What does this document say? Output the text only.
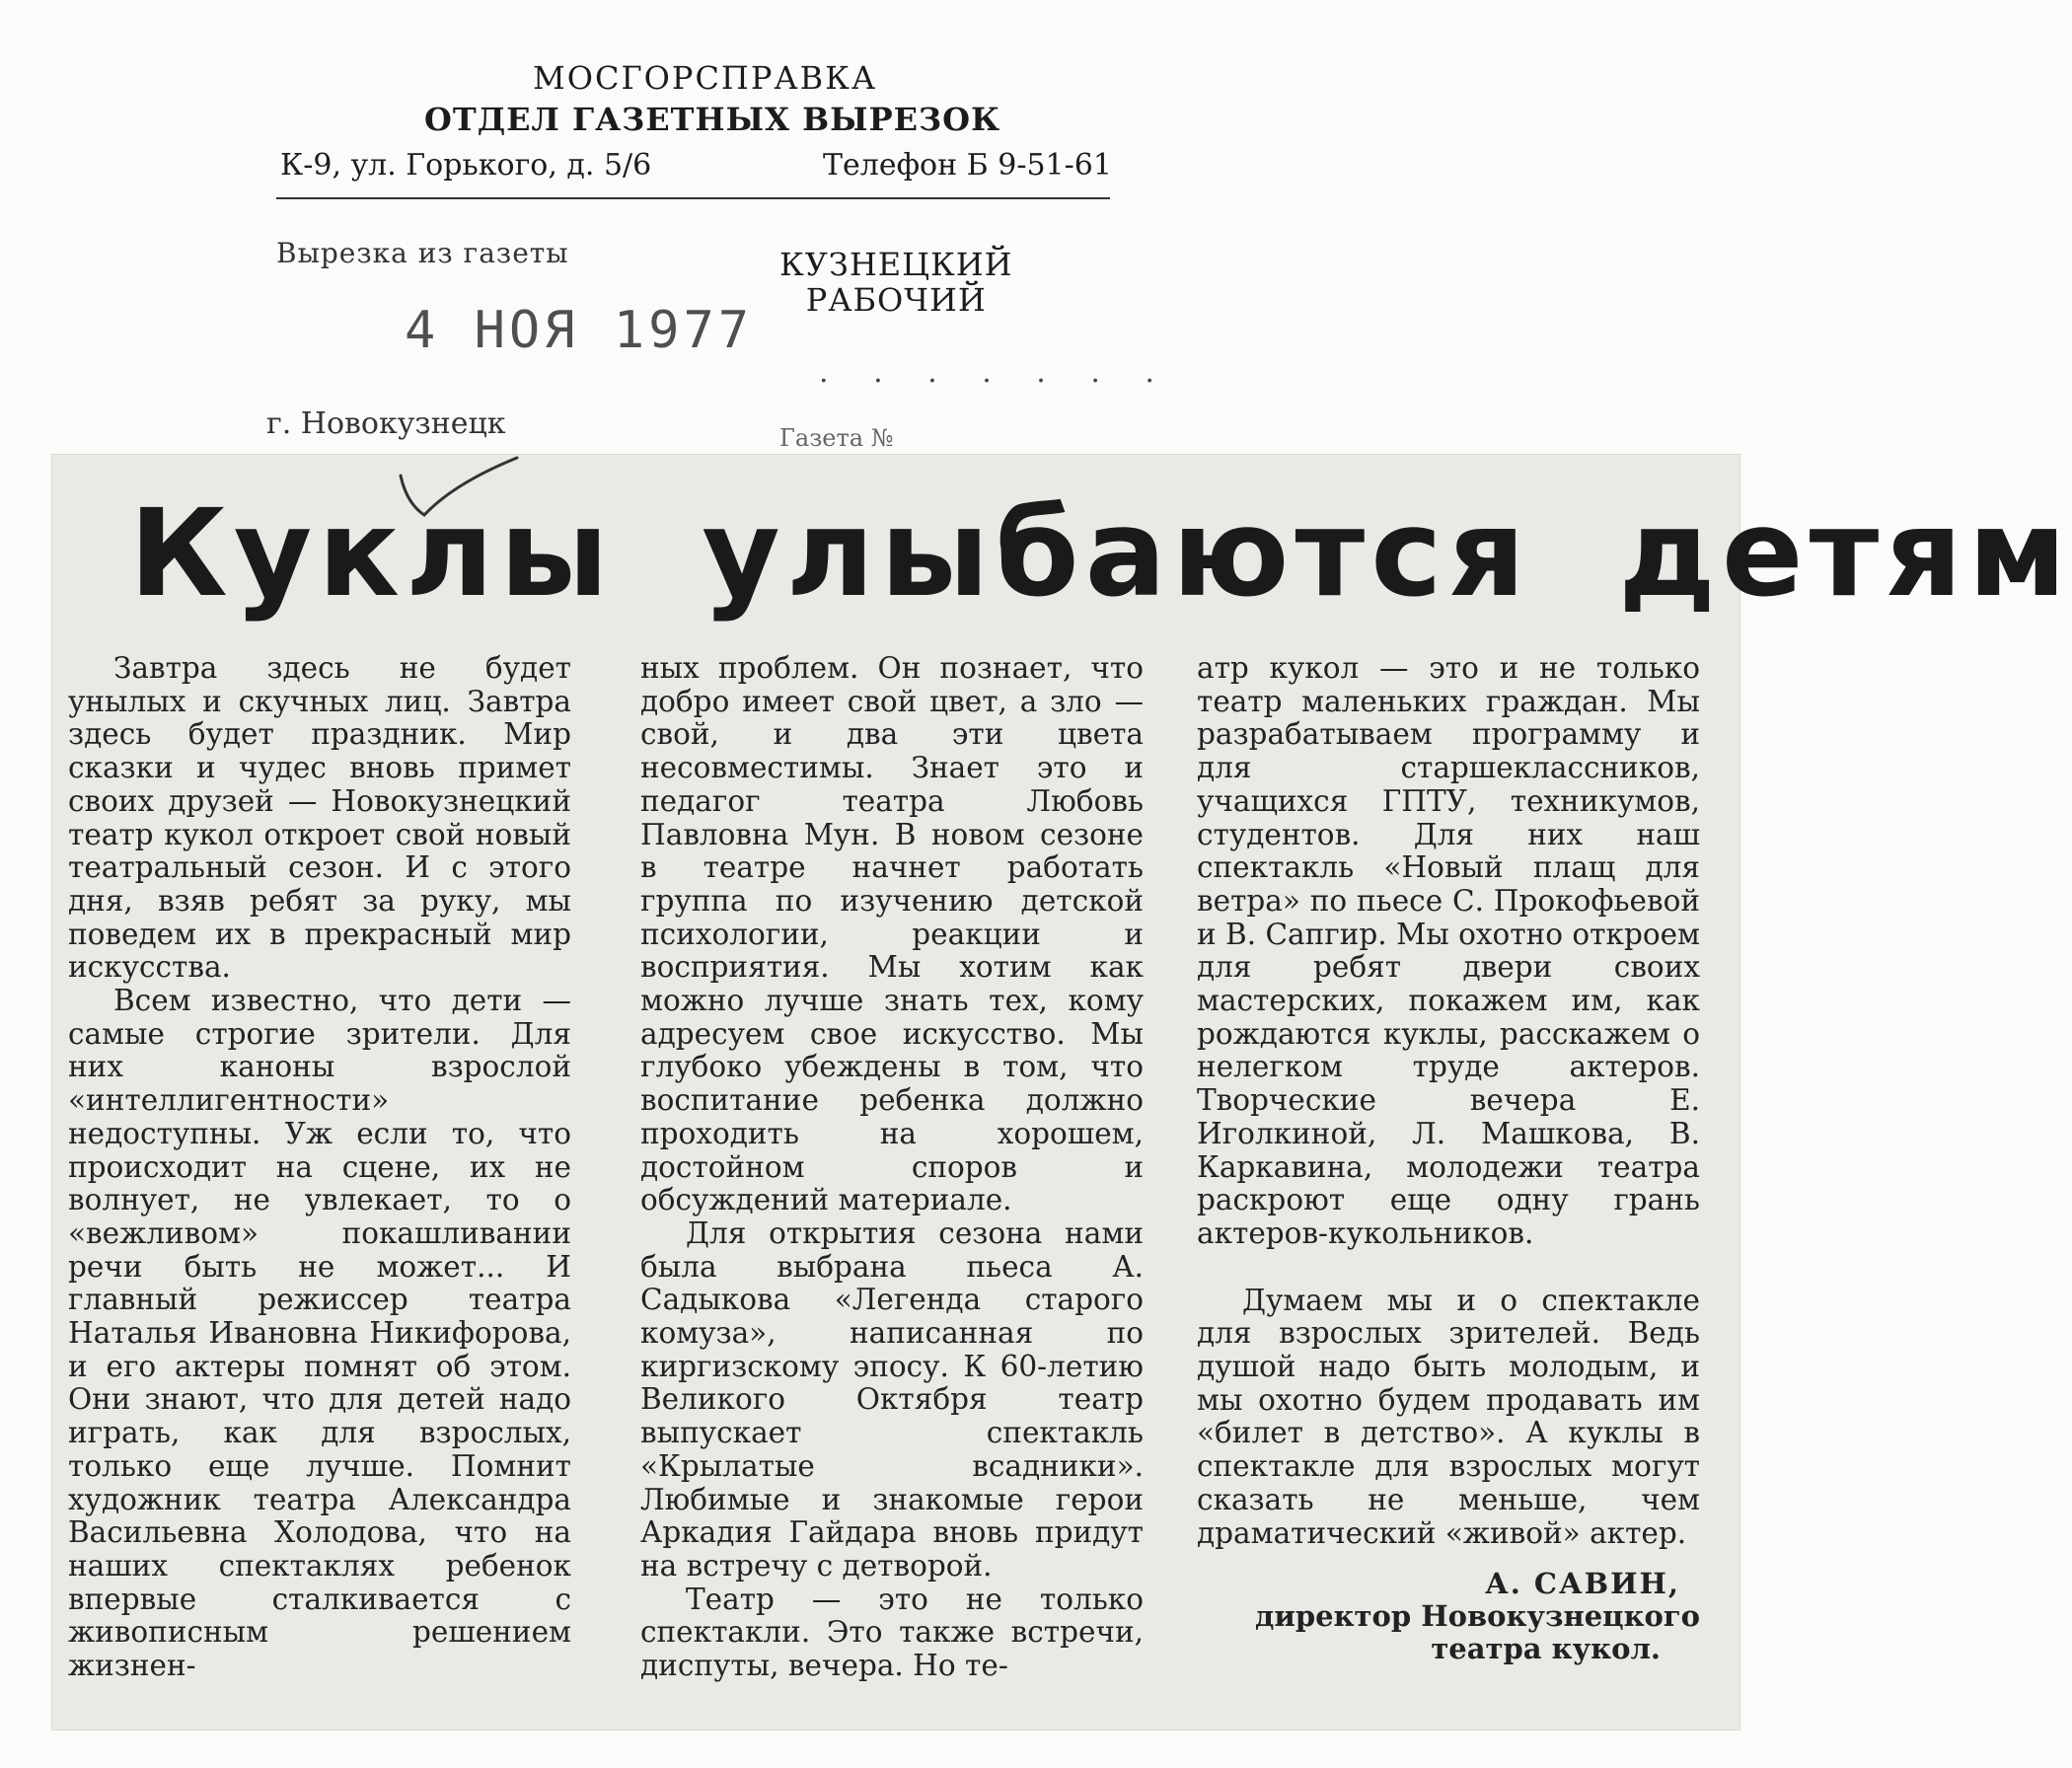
МОСГОРСПРАВКА
ОТДЕЛ ГАЗЕТНЫХ ВЫРЕЗОК
К-9, ул. Горького, д. 5/6	Телефон Б 9-51-61
Вырезка из газеты	КУЗНЕЦКИЙ
РАБОЧИЙ
4 НОЯ 1977
. . . . . . .
г. Новокузнецк	Газета №
Куклы улыбаются детям

Завтра здесь не будет унылых и скучных лиц. Завтра здесь будет праздник. Мир сказки и чудес вновь примет своих друзей — Новокузнецкий театр кукол откроет свой новый театральный сезон. И с этого дня, взяв ребят за руку, мы поведем их в прекрасный мир искусства.

Всем известно, что дети — самые строгие зрители. Для них каноны взрослой «интеллигентности» недоступны. Уж если то, что происходит на сцене, их не волнует, не увлекает, то о «вежливом» покашливании речи быть не может... И главный режиссер театра Наталья Ивановна Никифорова, и его актеры помнят об этом. Они знают, что для детей надо играть, как для взрослых, только еще лучше. Помнит художник театра Александра Васильевна Холодова, что на наших спектаклях ребенок впервые сталкивается с живописным решением жизнен-

ных проблем. Он познает, что добро имеет свой цвет, а зло — свой, и два эти цвета несовместимы. Знает это и педагог театра Любовь Павловна Мун. В новом сезоне в театре начнет работать группа по изучению детской психологии, реакции и восприятия. Мы хотим как можно лучше знать тех, кому адресуем свое искусство. Мы глубоко убеждены в том, что воспитание ребенка должно проходить на хорошем, достойном споров и обсуждений материале.

Для открытия сезона нами была выбрана пьеса А. Садыкова «Легенда старого комуза», написанная по киргизскому эпосу. К 60-летию Великого Октября театр выпускает спектакль «Крылатые всадники». Любимые и знакомые герои Аркадия Гайдара вновь придут на встречу с детворой.

Театр — это не только спектакли. Это также встречи, диспуты, вечера. Но те-

атр кукол — это и не только театр маленьких граждан. Мы разрабатываем программу и для старшеклассников, учащихся ГПТУ, техникумов, студентов. Для них наш спектакль «Новый плащ для ветра» по пьесе С. Прокофьевой и В. Сапгир. Мы охотно откроем для ребят двери своих мастерских, покажем им, как рождаются куклы, расскажем о нелегком труде актеров. Творческие вечера Е. Иголкиной, Л. Машкова, В. Каркавина, молодежи театра раскроют еще одну грань актеров-кукольников.

Думаем мы и о спектакле для взрослых зрителей. Ведь душой надо быть молодым, и мы охотно будем продавать им «билет в детство». А куклы в спектакле для взрослых могут сказать не меньше, чем драматический «живой» актер.

А. САВИН,
директор Новокузнецкого
театра кукол.
